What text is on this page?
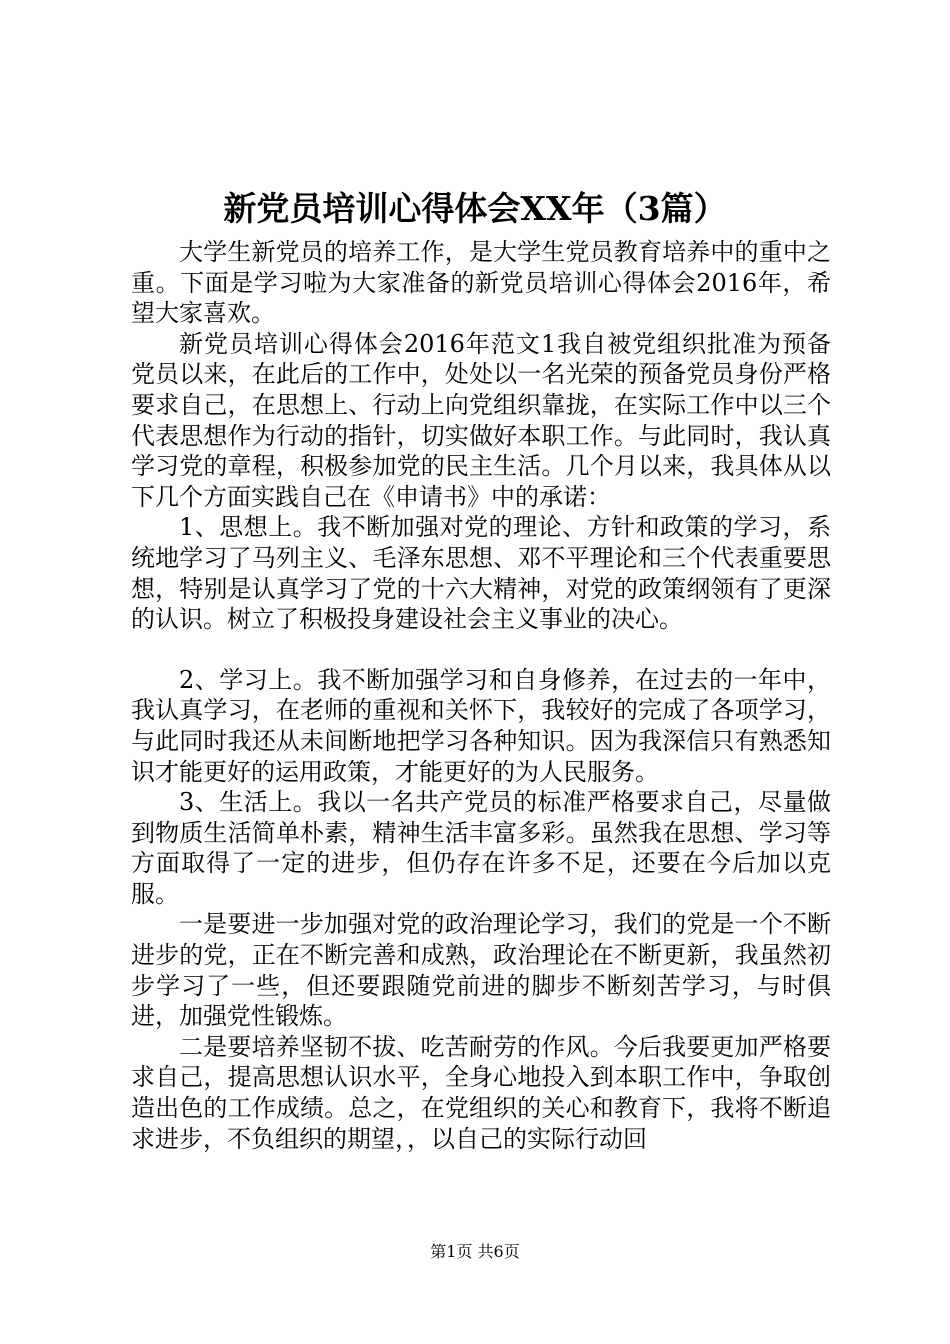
新党员培训心得体会XX年（3篇）

大学生新党员的培养工作，是大学生党员教育培养中的重中之重。下面是学习啦为大家准备的新党员培训心得体会2016年，希望大家喜欢。

新党员培训心得体会2016年范文1我自被党组织批准为预备党员以来，在此后的工作中，处处以一名光荣的预备党员身份严格要求自己，在思想上、行动上向党组织靠拢，在实际工作中以三个代表思想作为行动的指针，切实做好本职工作。与此同时，我认真学习党的章程，积极参加党的民主生活。几个月以来，我具体从以下几个方面实践自己在《申请书》中的承诺：

1、思想上。我不断加强对党的理论、方针和政策的学习，系统地学习了马列主义、毛泽东思想、邓不平理论和三个代表重要思想，特别是认真学习了党的十六大精神，对党的政策纲领有了更深的认识。树立了积极投身建设社会主义事业的决心。

2、学习上。我不断加强学习和自身修养，在过去的一年中，我认真学习，在老师的重视和关怀下，我较好的完成了各项学习，与此同时我还从未间断地把学习各种知识。因为我深信只有熟悉知识才能更好的运用政策，才能更好的为人民服务。

3、生活上。我以一名共产党员的标准严格要求自己，尽量做到物质生活简单朴素，精神生活丰富多彩。虽然我在思想、学习等方面取得了一定的进步，但仍存在许多不足，还要在今后加以克服。

一是要进一步加强对党的政治理论学习，我们的党是一个不断进步的党，正在不断完善和成熟，政治理论在不断更新，我虽然初步学习了一些，但还要跟随党前进的脚步不断刻苦学习，与时俱进，加强党性锻炼。

二是要培养坚韧不拔、吃苦耐劳的作风。今后我要更加严格要求自己，提高思想认识水平，全身心地投入到本职工作中，争取创造出色的工作成绩。总之，在党组织的关心和教育下，我将不断追求进步，不负组织的期望，，以自己的实际行动回

第1页 共6页
